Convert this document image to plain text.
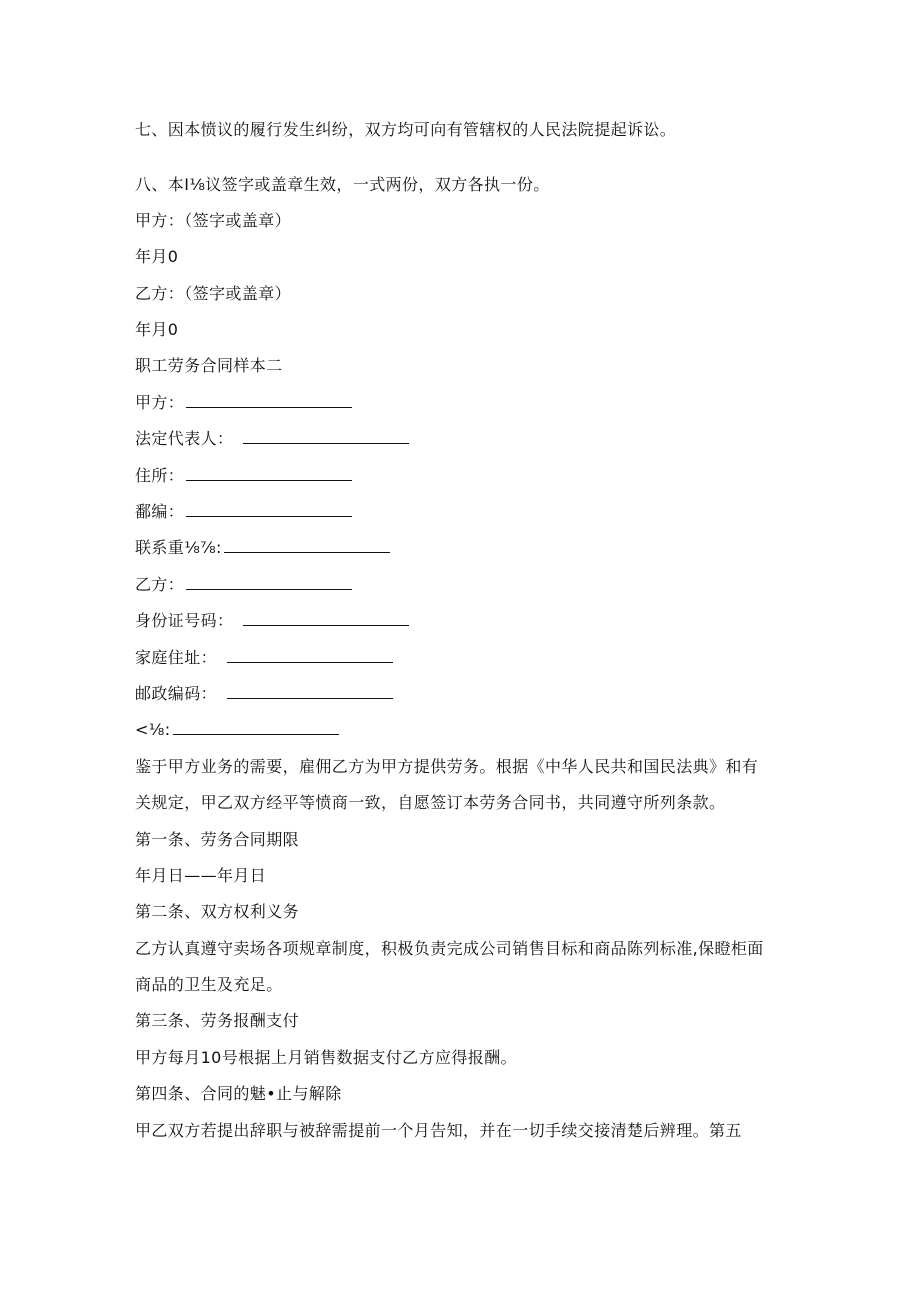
七、因本愤议的履行发生纠纷，双方均可向有管辖权的人民法院提起诉讼。

八、本I⅛议签字或盖章生效，一式两份，双方各执一份。

甲方：（签字或盖章）

年月0

乙方：（签字或盖章）

年月0

职工劳务合同样本二

甲方：

法定代表人：

住所：

鄱编：

联系重⅛⅞:

乙方：

身份证号码：

家庭住址：

邮政编码：

<⅛:

鉴于甲方业务的需要，雇佣乙方为甲方提供劳务。根据《中华人民共和国民法典》和有

关规定，甲乙双方经平等愤商一致，自愿签订本劳务合同书，共同遵守所列条款。

第一条、劳务合同期限

年月日——年月日

第二条、双方权利义务

乙方认真遵守卖场各项规章制度，积极负责完成公司销售目标和商品陈列标准,保瞪柜面

商品的卫生及充足。

第三条、劳务报酬支付

甲方每月10号根据上月销售数据支付乙方应得报酬。

第四条、合同的魅•止与解除

甲乙双方若提出辞职与被辞需提前一个月告知，并在一切手续交接清楚后辨理。第五
